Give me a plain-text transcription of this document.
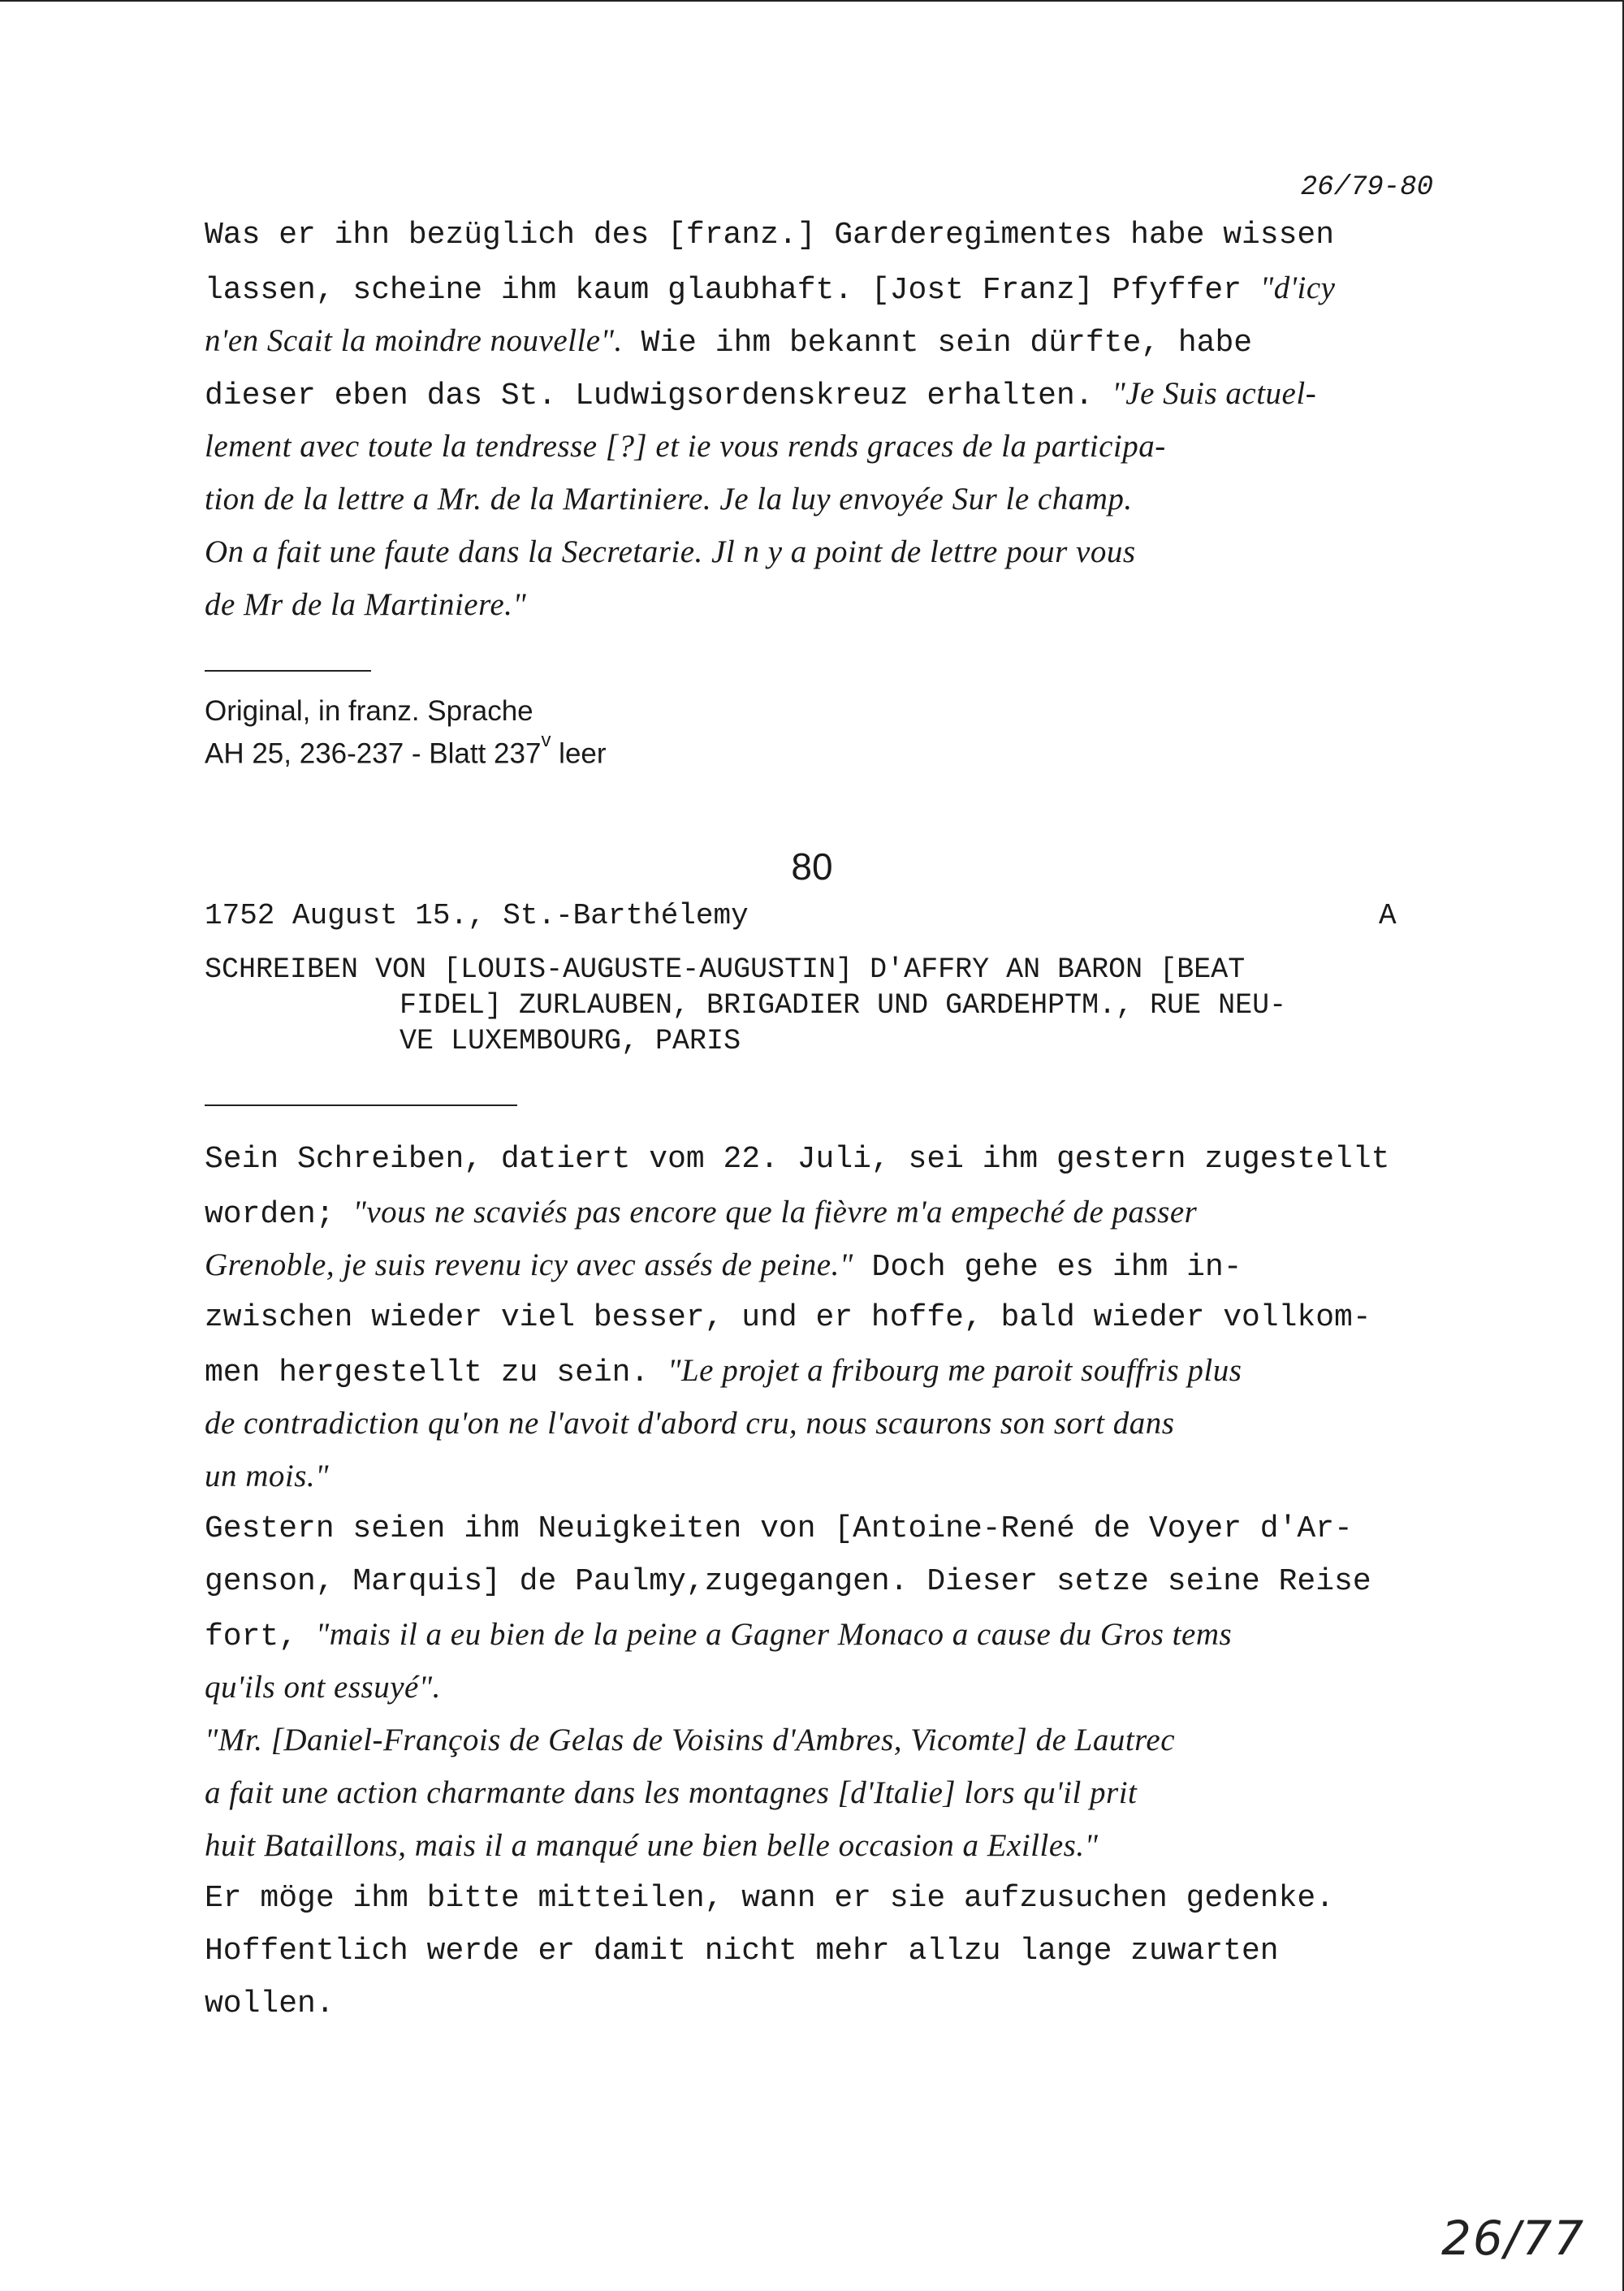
26/79-80
Was er ihn bezüglich des [franz.] Garderegimentes habe wissen
lassen, scheine ihm kaum glaubhaft. [Jost Franz] Pfyffer "d'icy
n'en Scait la moindre nouvelle". Wie ihm bekannt sein dürfte, habe
dieser eben das St. Ludwigsordenskreuz erhalten. "Je Suis actuel-
lement avec toute la tendresse [?] et ie vous rends graces de la participa-
tion de la lettre a Mr. de la Martiniere. Je la luy envoyée Sur le champ.
On a fait une faute dans la Secretarie. Jl n y a point de lettre pour vous
de Mr de la Martiniere."
Original, in franz. Sprache
AH 25, 236-237 - Blatt 237$^v$ leer
80
1752 August 15., St.-Barthélemy	A
SCHREIBEN VON [LOUIS-AUGUSTE-AUGUSTIN] D'AFFRY AN BARON [BEAT
FIDEL] ZURLAUBEN, BRIGADIER UND GARDEHPTM., RUE NEU-
VE LUXEMBOURG, PARIS
Sein Schreiben, datiert vom 22. Juli, sei ihm gestern zugestellt
worden; "vous ne scaviés pas encore que la fièvre m'a empeché de passer
Grenoble, je suis revenu icy avec assés de peine." Doch gehe es ihm in-
zwischen wieder viel besser, und er hoffe, bald wieder vollkom-
men hergestellt zu sein. "Le projet a fribourg me paroit souffris plus
de contradiction qu'on ne l'avoit d'abord cru, nous scaurons son sort dans
un mois."
Gestern seien ihm Neuigkeiten von [Antoine-René de Voyer d'Ar-
genson, Marquis] de Paulmy,zugegangen. Dieser setze seine Reise
fort, "mais il a eu bien de la peine a Gagner Monaco a cause du Gros tems
qu'ils ont essuyé".
"Mr. [Daniel-François de Gelas de Voisins d'Ambres, Vicomte] de Lautrec
a fait une action charmante dans les montagnes [d'Italie] lors qu'il prit
huit Bataillons, mais il a manqué une bien belle occasion a Exilles."
Er möge ihm bitte mitteilen, wann er sie aufzusuchen gedenke.
Hoffentlich werde er damit nicht mehr allzu lange zuwarten
wollen.
26/77
